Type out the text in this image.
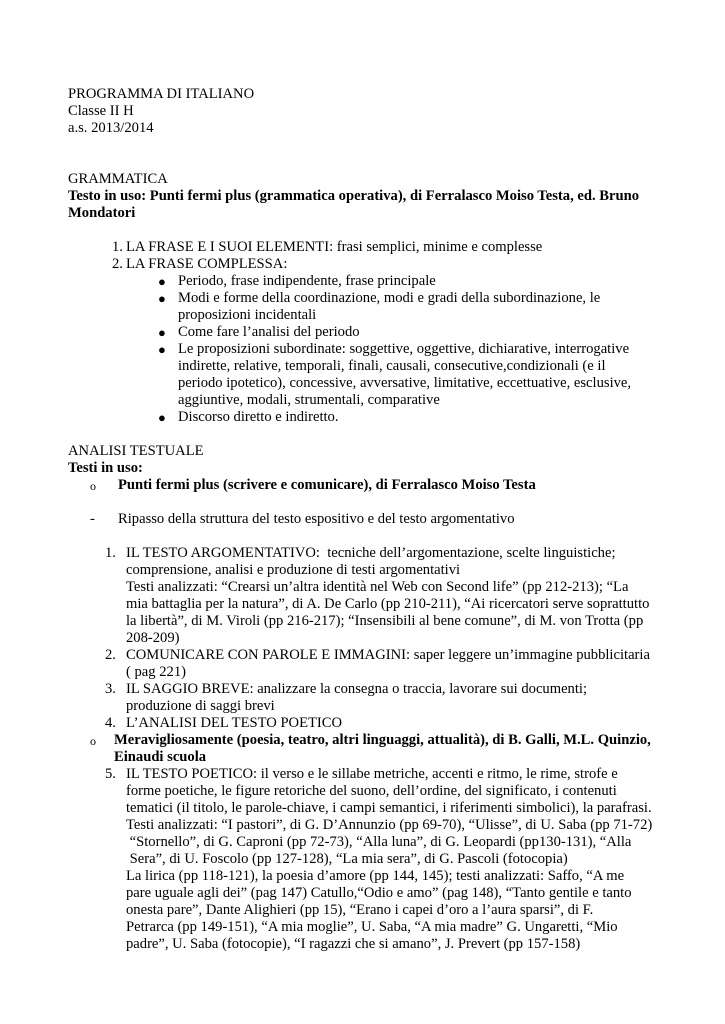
PROGRAMMA DI ITALIANO
Classe II H
a.s. 2013/2014
GRAMMATICA
Testo in uso: Punti fermi plus (grammatica operativa), di Ferralasco Moiso Testa, ed. Bruno
Mondatori
1. LA FRASE E I SUOI ELEMENTI: frasi semplici, minime e complesse
2. LA FRASE COMPLESSA:
● Periodo, frase indipendente, frase principale
● Modi e forme della coordinazione, modi e gradi della subordinazione, le
proposizioni incidentali
● Come fare l’analisi del periodo
● Le proposizioni subordinate: soggettive, oggettive, dichiarative, interrogative
indirette, relative, temporali, finali, causali, consecutive,condizionali (e il
periodo ipotetico), concessive, avversative, limitative, eccettuative, esclusive,
aggiuntive, modali, strumentali, comparative
● Discorso diretto e indiretto.
ANALISI TESTUALE
Testi in uso:
o Punti fermi plus (scrivere e comunicare), di Ferralasco Moiso Testa
- Ripasso della struttura del testo espositivo e del testo argomentativo
1. IL TESTO ARGOMENTATIVO:  tecniche dell’argomentazione, scelte linguistiche;
comprensione, analisi e produzione di testi argomentativi
Testi analizzati: “Crearsi un’altra identità nel Web con Second life” (pp 212-213); “La
mia battaglia per la natura”, di A. De Carlo (pp 210-211), “Ai ricercatori serve soprattutto
la libertà”, di M. Viroli (pp 216-217); “Insensibili al bene comune”, di M. von Trotta (pp
208-209)
2. COMUNICARE CON PAROLE E IMMAGINI: saper leggere un’immagine pubblicitaria
( pag 221)
3. IL SAGGIO BREVE: analizzare la consegna o traccia, lavorare sui documenti;
produzione di saggi brevi
4. L’ANALISI DEL TESTO POETICO
o Meravigliosamente (poesia, teatro, altri linguaggi, attualità), di B. Galli, M.L. Quinzio,
Einaudi scuola
5. IL TESTO POETICO: il verso e le sillabe metriche, accenti e ritmo, le rime, strofe e
forme poetiche, le figure retoriche del suono, dell’ordine, del significato, i contenuti
tematici (il titolo, le parole-chiave, i campi semantici, i riferimenti simbolici), la parafrasi.
Testi analizzati: “I pastori”, di G. D’Annunzio (pp 69-70), “Ulisse”, di U. Saba (pp 71-72)
“Stornello”, di G. Caproni (pp 72-73), “Alla luna”, di G. Leopardi (pp130-131), “Alla
Sera”, di U. Foscolo (pp 127-128), “La mia sera”, di G. Pascoli (fotocopia)
La lirica (pp 118-121), la poesia d’amore (pp 144, 145); testi analizzati: Saffo, “A me
pare uguale agli dei” (pag 147) Catullo,“Odio e amo” (pag 148), “Tanto gentile e tanto
onesta pare”, Dante Alighieri (pp 15), “Erano i capei d’oro a l’aura sparsi”, di F.
Petrarca (pp 149-151), “A mia moglie”, U. Saba, “A mia madre” G. Ungaretti, “Mio
padre”, U. Saba (fotocopie), “I ragazzi che si amano”, J. Prevert (pp 157-158)
